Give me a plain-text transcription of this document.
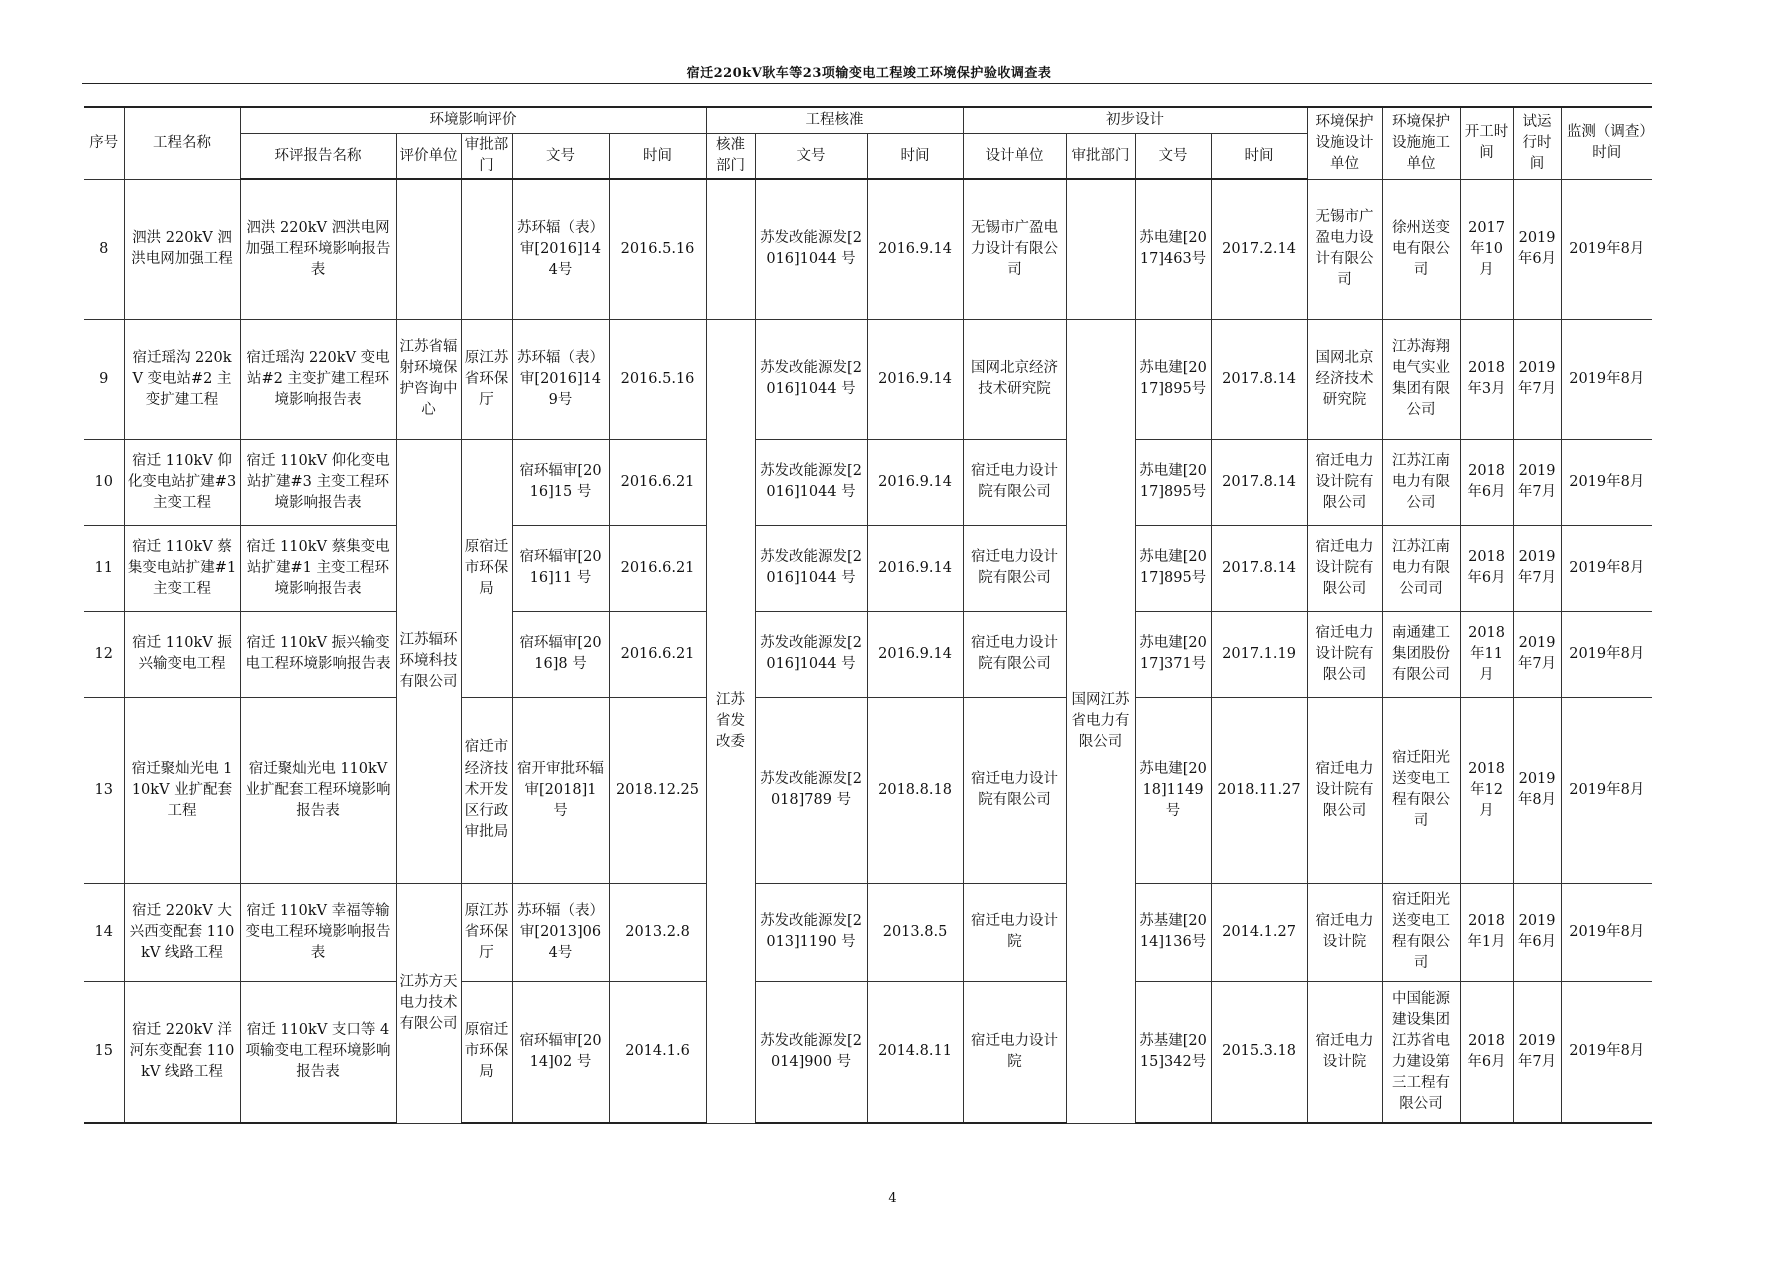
宿迁220kV耿车等23项输变电工程竣工环境保护验收调查表
序号	工程名称	环境影响评价					工程核准			初步设计				环境保护设施设计单位	环境保护设施施工单位	开工时间	试运行时间	监测（调查）时间
		环评报告名称	评价单位	审批部门	文号	时间	核准部门	文号	时间	设计单位	审批部门	文号	时间					
8	泗洪 220kV 泗洪电网加强工程	泗洪 220kV 泗洪电网加强工程环境影响报告表			苏环辐（表）审[2016]144号	2016.5.16		苏发改能源发[2016]1044 号	2016.9.14	无锡市广盈电力设计有限公司		苏电建[2017]463号	2017.2.14	无锡市广盈电力设计有限公司	徐州送变电有限公司	2017年10月	2019年6月	2019年8月
9	宿迁瑶沟 220kV 变电站#2 主变扩建工程	宿迁瑶沟 220kV 变电站#2 主变扩建工程环境影响报告表	江苏省辐射环境保护咨询中心	原江苏省环保厅	苏环辐（表）审[2016]149号	2016.5.16	江苏省发改委	苏发改能源发[2016]1044 号	2016.9.14	国网北京经济技术研究院	国网江苏省电力有限公司	苏电建[2017]895号	2017.8.14	国网北京经济技术研究院	江苏海翔电气实业集团有限公司	2018年3月	2019年7月	2019年8月
10	宿迁 110kV 仰化变电站扩建#3 主变工程	宿迁 110kV 仰化变电站扩建#3 主变工程环境影响报告表	江苏辐环环境科技有限公司	原宿迁市环保局	宿环辐审[2016]15 号	2016.6.21		苏发改能源发[2016]1044 号	2016.9.14	宿迁电力设计院有限公司		苏电建[2017]895号	2017.8.14	宿迁电力设计院有限公司	江苏江南电力有限公司	2018年6月	2019年7月	2019年8月
11	宿迁 110kV 蔡集变电站扩建#1 主变工程	宿迁 110kV 蔡集变电站扩建#1 主变工程环境影响报告表			宿环辐审[2016]11 号	2016.6.21		苏发改能源发[2016]1044 号	2016.9.14	宿迁电力设计院有限公司		苏电建[2017]895号	2017.8.14	宿迁电力设计院有限公司	江苏江南电力有限公司司	2018年6月	2019年7月	2019年8月
12	宿迁 110kV 振兴输变电工程	宿迁 110kV 振兴输变电工程环境影响报告表			宿环辐审[2016]8 号	2016.6.21		苏发改能源发[2016]1044 号	2016.9.14	宿迁电力设计院有限公司		苏电建[2017]371号	2017.1.19	宿迁电力设计院有限公司	南通建工集团股份有限公司	2018年11月	2019年7月	2019年8月
13	宿迁聚灿光电 110kV 业扩配套工程	宿迁聚灿光电 110kV 业扩配套工程环境影响报告表		宿迁市经济技术开发区行政审批局	宿开审批环辐审[2018]1 号	2018.12.25		苏发改能源发[2018]789 号	2018.8.18	宿迁电力设计院有限公司		苏电建[2018]1149号	2018.11.27	宿迁电力设计院有限公司	宿迁阳光送变电工程有限公司	2018年12月	2019年8月	2019年8月
14	宿迁 220kV 大兴西变配套 110kV 线路工程	宿迁 110kV 幸福等输变电工程环境影响报告表	江苏方天电力技术有限公司	原江苏省环保厅	苏环辐（表）审[2013]064号	2013.2.8		苏发改能源发[2013]1190 号	2013.8.5	宿迁电力设计院		苏基建[2014]136号	2014.1.27	宿迁电力设计院	宿迁阳光送变电工程有限公司	2018年1月	2019年6月	2019年8月
15	宿迁 220kV 洋河东变配套 110kV 线路工程	宿迁 110kV 支口等 4 项输变电工程环境影响报告表		原宿迁市环保局	宿环辐审[2014]02 号	2014.1.6		苏发改能源发[2014]900 号	2014.8.11	宿迁电力设计院		苏基建[2015]342号	2015.3.18	宿迁电力设计院	中国能源建设集团江苏省电力建设第三工程有限公司	2018年6月	2019年7月	2019年8月
4
